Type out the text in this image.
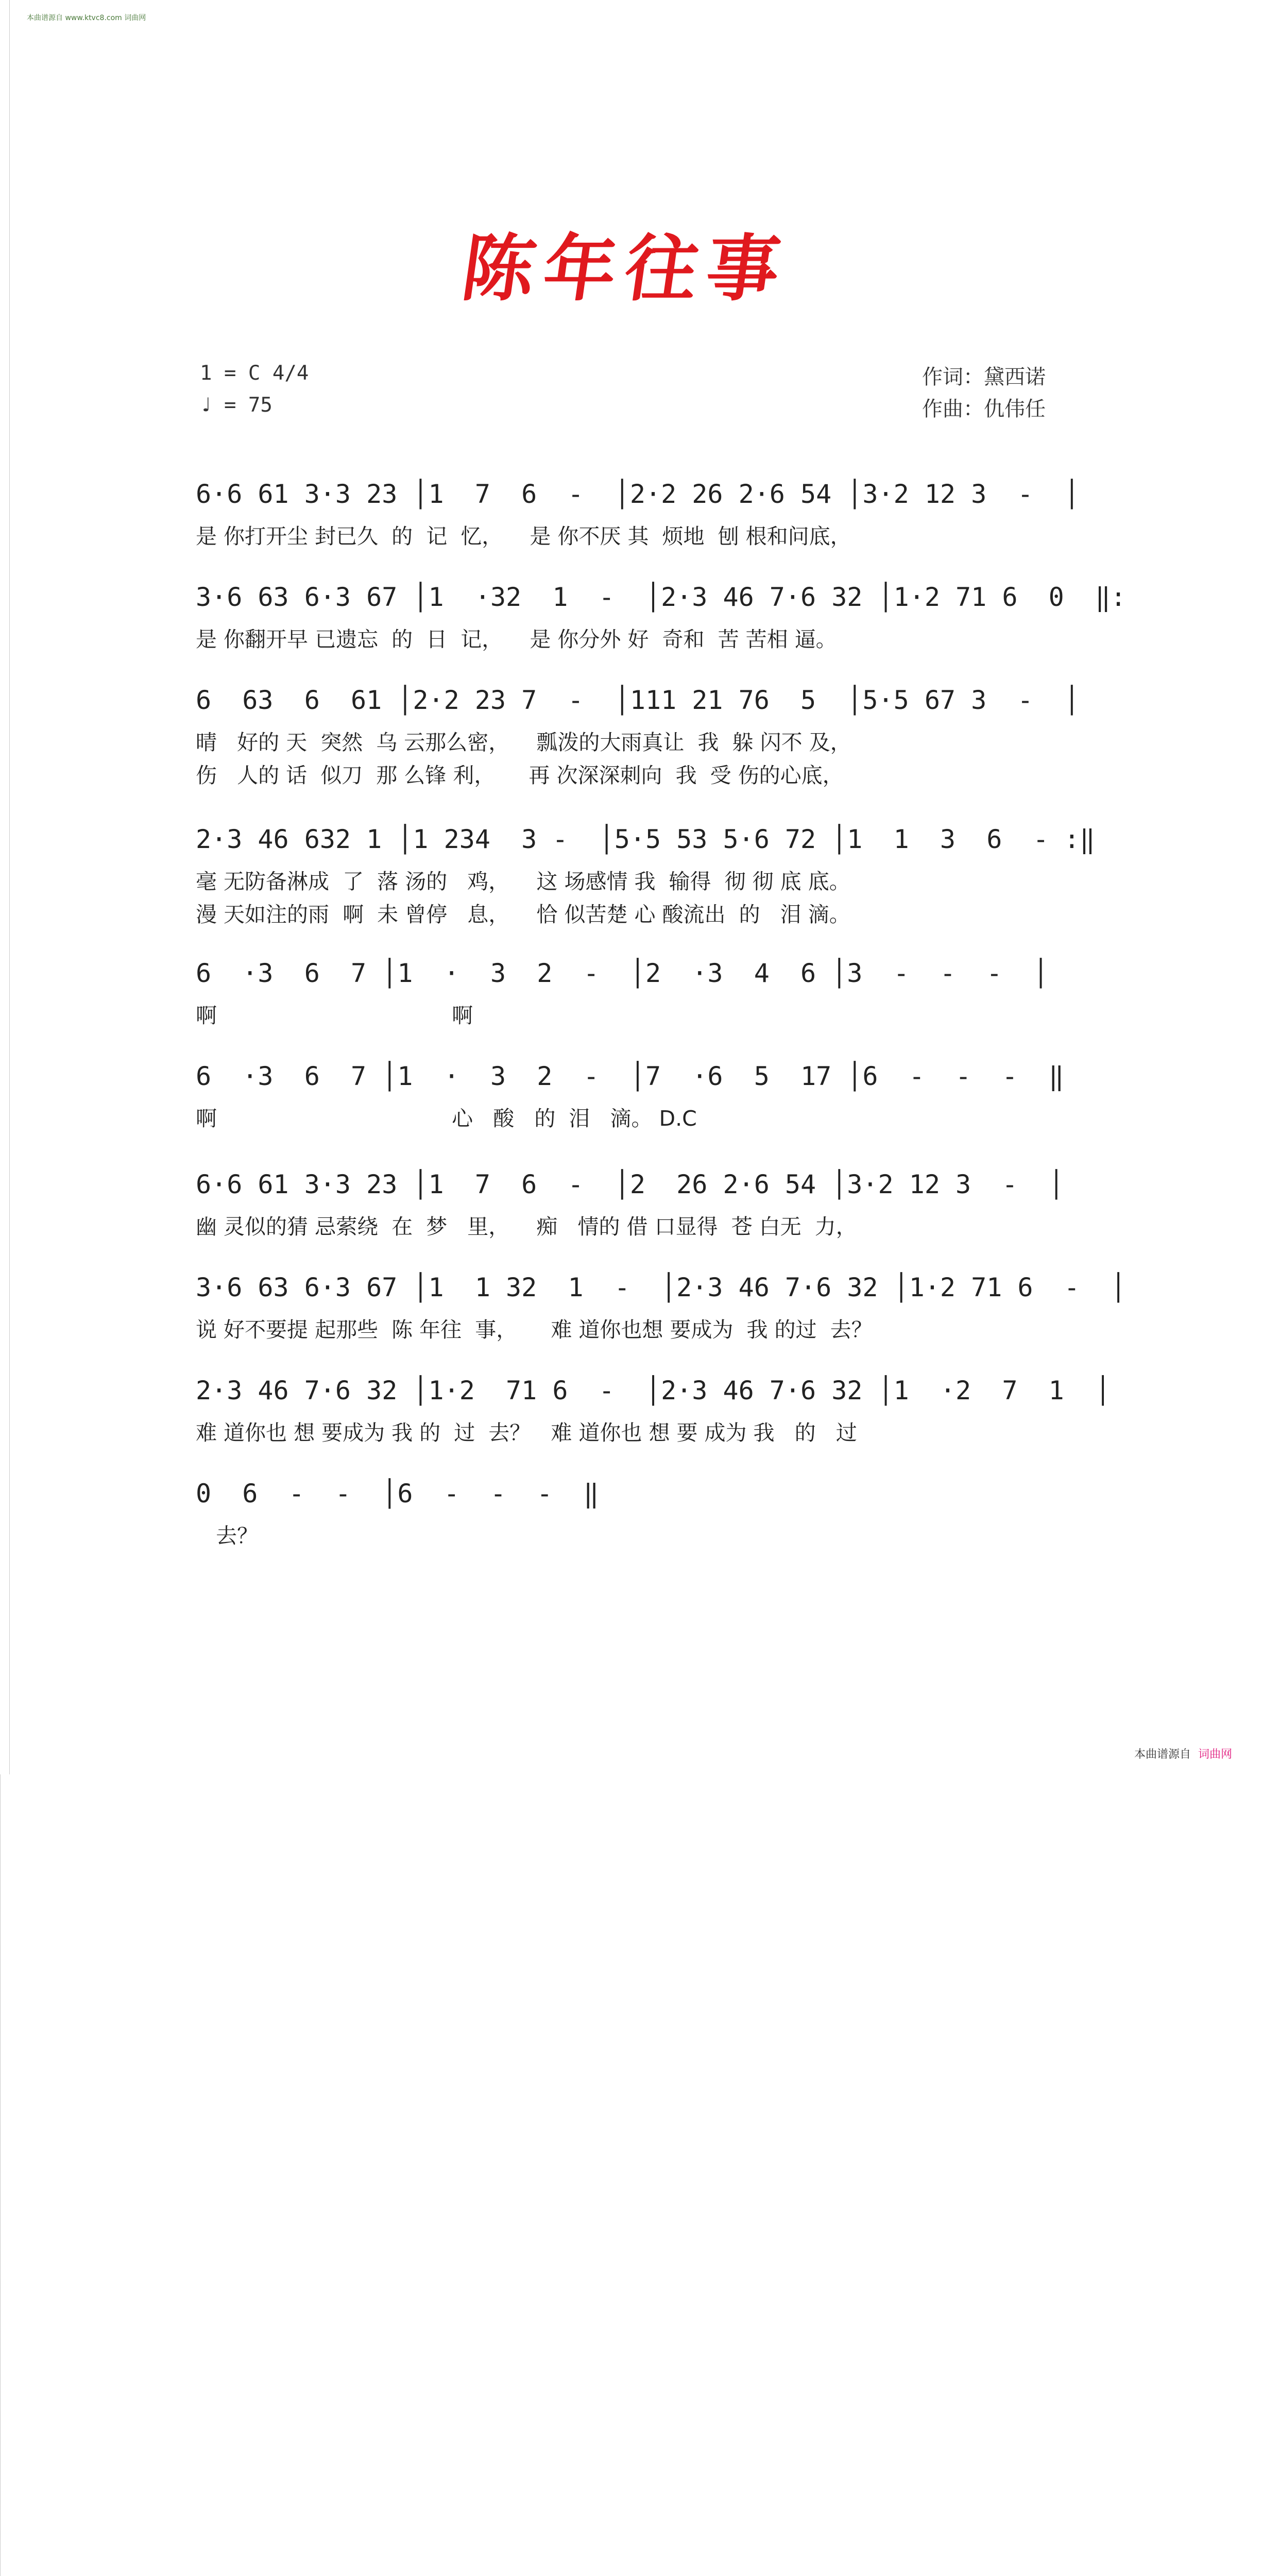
本曲谱源自 www.ktvc8.com 词曲网
陈年往事
1 = C 4/4
♩ = 75
作词：黛西诺
作曲：仇伟任
6·6 61 3·3 23 │1  7  6  -  │2·2 26 2·6 54 │3·2 12 3  -  │
是 你打开尘 封已久  的  记  忆，    是 你不厌 其  烦地  刨 根和问底，
3·6 63 6·3 67 │1  ·32  1  -  │2·3 46 7·6 32 │1·2 71 6  0  ‖:
是 你翻开早 已遗忘  的  日  记，    是 你分外 好  奇和  苦 苦相 逼。
6  63  6  61 │2·2 23 7  -  │111 21 76  5  │5·5 67 3  -  │
晴   好的 天  突然  乌 云那么密，    瓢泼的大雨真让  我  躲 闪不 及，
伤   人的 话  似刀  那 么锋 利，     再 次深深刺向  我  受 伤的心底，
2·3 46 632 1 │1 234  3 -  │5·5 53 5·6 72 │1  1  3  6  - :‖
毫 无防备淋成  了  落 汤的   鸡，    这 场感情 我  输得  彻 彻 底 底。
漫 天如注的雨  啊  未 曾停   息，    恰 似苦楚 心 酸流出  的   泪 滴。
6  ·3  6  7 │1  ·  3  2  -  │2  ·3  4  6 │3  -  -  -  │
啊                                   啊
6  ·3  6  7 │1  ·  3  2  -  │7  ·6  5  17 │6  -  -  -  ‖
啊                                   心   酸   的  泪   滴。 D.C
6·6 61 3·3 23 │1  7  6  -  │2  26 2·6 54 │3·2 12 3  -  │
幽 灵似的猜 忌萦绕  在  梦   里，    痴   情的 借 口显得  苍 白无  力，
3·6 63 6·3 67 │1  1 32  1  -  │2·3 46 7·6 32 │1·2 71 6  -  │
说 好不要提 起那些  陈 年往  事，     难 道你也想 要成为  我 的过  去？
2·3 46 7·6 32 │1·2  71 6  -  │2·3 46 7·6 32 │1  ·2  7  1  │
难 道你也 想 要成为 我 的  过  去？   难 道你也 想 要 成为 我   的   过
0  6  -  -  │6  -  -  -  ‖
去？
本曲谱源自 词曲网
